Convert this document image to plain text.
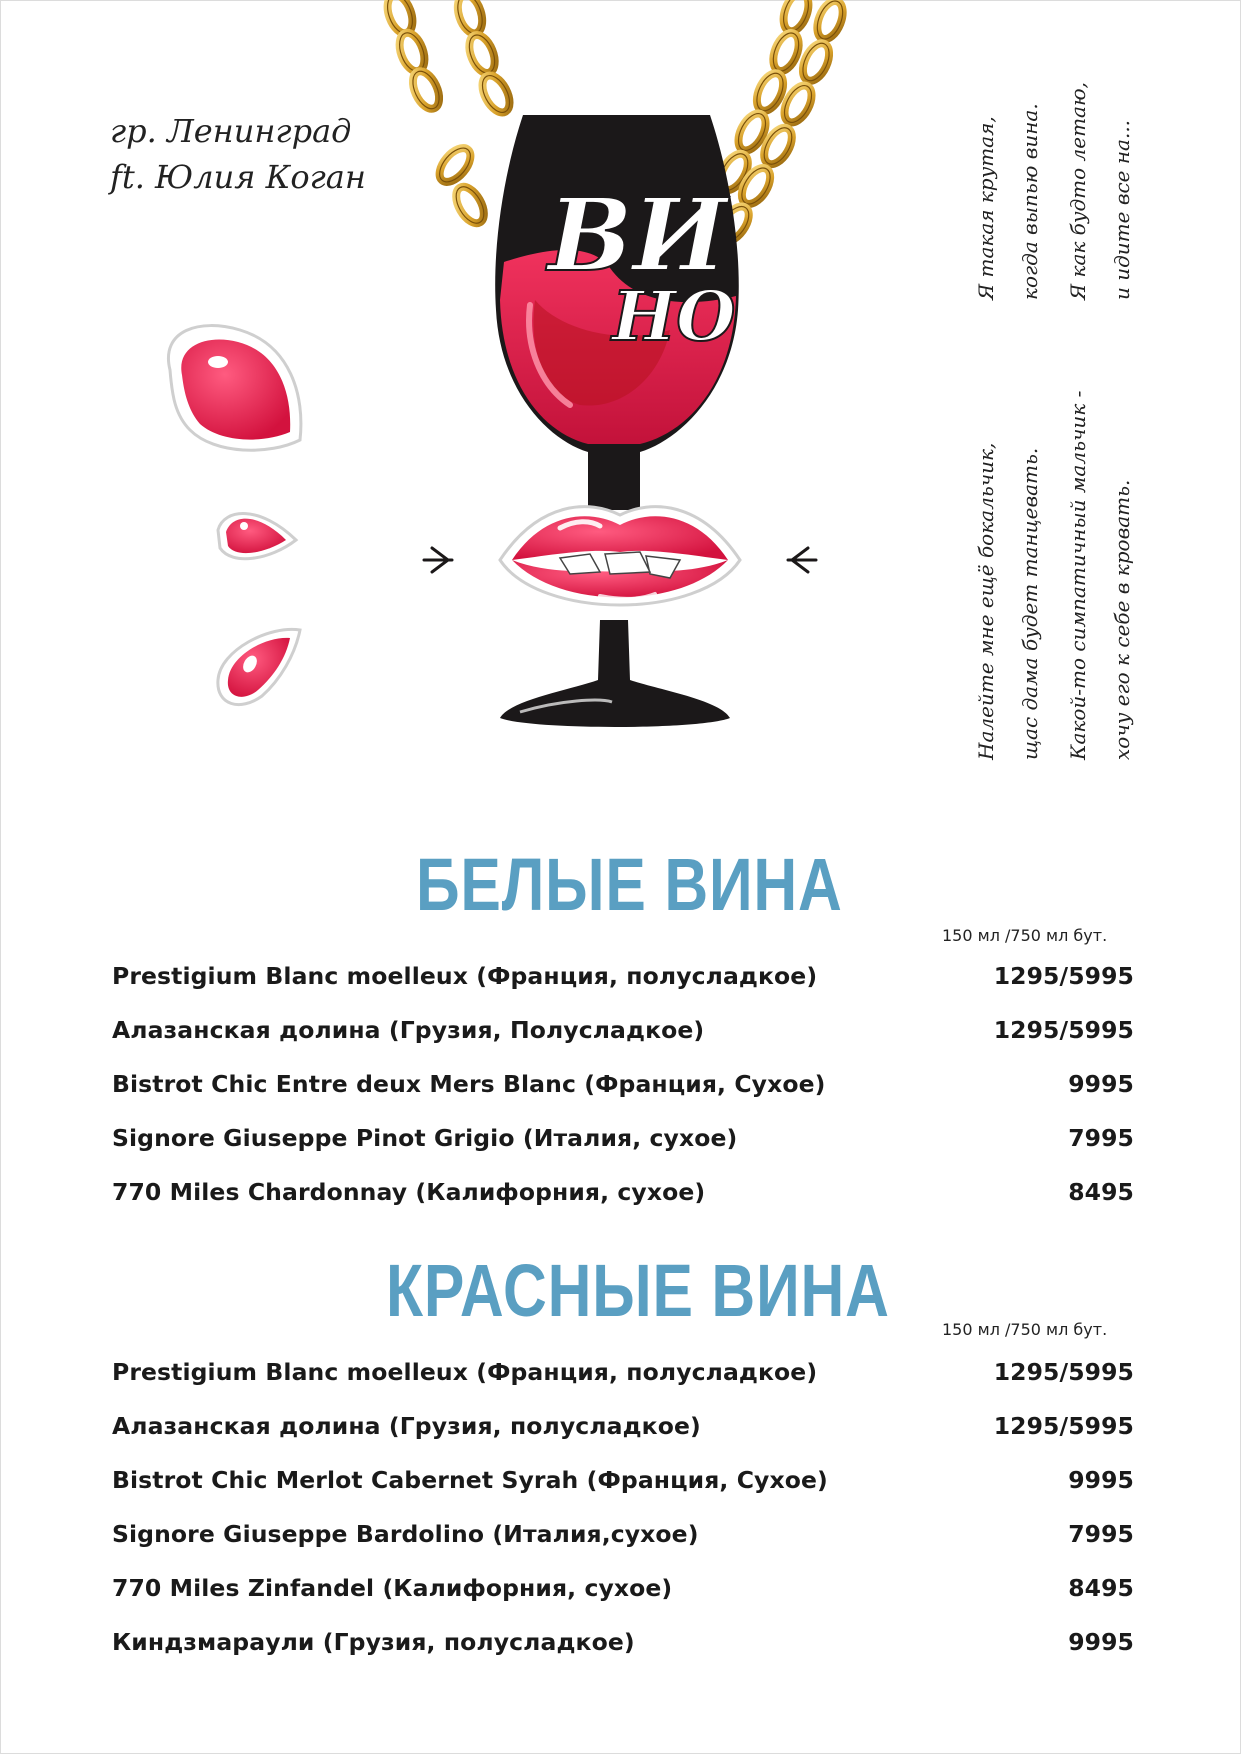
ВИ
НО
гр. Ленинград
ft. Юлия Коган	Я такая крутая, когда выпью вина. Я как будто летаю, и идите все на...
Налейте мне ещё бокальчик, щас дама будет танцевать. Какой-то симпатичный мальчик - хочу его к себе в кровать.
БЕЛЫЕ ВИНА
150 мл /750 мл бут.
Prestigium Blanc moelleux (Франция, полусладкое)	1295/5995
Алазанская долина (Грузия, Полусладкое)	1295/5995
Bistrot Chic Entre deux Mers Blanc (Франция, Сухое)	9995
Signore Giuseppe Pinot Grigio (Италия, сухое)	7995
770 Miles Chardonnay (Калифорния, сухое)	8495
КРАСНЫЕ ВИНА	150 мл /750 мл бут.
Prestigium Blanc moelleux (Франция, полусладкое)	1295/5995
Алазанская долина (Грузия, полусладкое)	1295/5995
Bistrot Chic Merlot Cabernet Syrah (Франция, Сухое)	9995
Signore Giuseppe Bardolino (Италия,сухое)	7995
770 Miles Zinfandel (Калифорния, сухое)	8495
Киндзмараули (Грузия, полусладкое)	9995
